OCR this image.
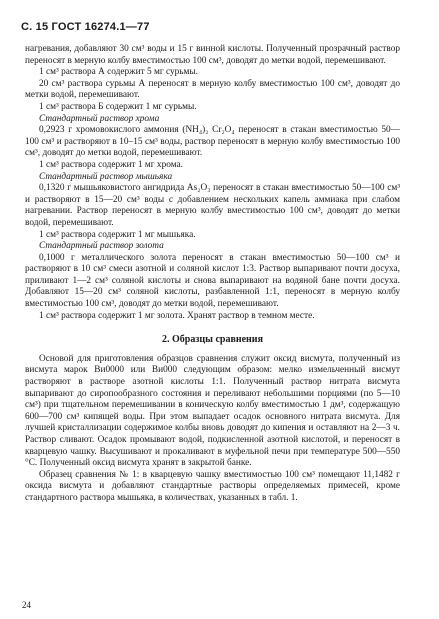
С. 15 ГОСТ 16274.1—77

нагревания, добавляют 30 см³ воды и 15 г винной кислоты. Полученный прозрачный раствор переносят в мерную колбу вместимостью 100 см³, доводят до метки водой, перемешивают.

1 см³ раствора А содержит 5 мг сурьмы.

20 см³ раствора сурьмы А переносят в мерную колбу вместимостью 100 см³, доводят до метки водой, перемешивают.

1 см³ раствора Б содержит 1 мг сурьмы.

Стандартный раствор хрома

0,2923 г хромовокислого аммония (NH₄)₂ Cr₂O₄ переносят в стакан вместимостью 50—100 см³ и растворяют в 10–15 см³ воды, раствор переносят в мерную колбу вместимостью 100 см³, доводят до метки водой, перемешивают.

1 см³ раствора содержит 1 мг хрома.

Стандартный раствор мышьяка

0,1320 г мышьяковистого ангидрида As₂O₃ переносят в стакан вместимостью 50—100 см³ и растворяют в 15—20 см³ воды с добавлением нескольких капель аммиака при слабом нагревании. Раствор переносят в мерную колбу вместимостью 100 см³, доводят до метки водой, перемешивают.

1 см³ раствора содержит 1 мг мышьяка.

Стандартный раствор золота

0,1000 г металлического золота переносят в стакан вместимостью 50—100 см³ и растворяют в 10 см³ смеси азотной и соляной кислот 1:3. Раствор выпаривают почти досуха, приливают 1—2 см³ соляной кислоты и снова выпаривают на водяной бане почти досуха. Добавляют 15—20 см³ соляной кислоты, разбавленной 1:1, переносят в мерную колбу вместимостью 100 см³, доводят до метки водой, перемешивают.

1 см³ раствора содержит 1 мг золота. Хранят раствор в темном месте.

2. Образцы сравнения

Основой для приготовления образцов сравнения служит оксид висмута, полученный из висмута марок Ви0000 или Ви000 следующим образом: мелко измельченный висмут растворяют в растворе азотной кислоты 1:1. Полученный раствор нитрата висмута выпаривают до сиропообразного состояния и переливают небольшими порциями (по 5—10 см³) при тщательном перемешивании в коническую колбу вместимостью 1 дм³, содержащую 600—700 см³ кипящей воды. При этом выпадает осадок основного нитрата висмута. Для лучшей кристаллизации содержимое колбы вновь доводят до кипения и оставляют на 2—3 ч. Раствор сливают. Осадок промывают водой, подкисленной азотной кислотой, и переносят в кварцевую чашку. Высушивают и прокаливают в муфельной печи при температуре 500—550 °С. Полученный оксид висмута хранят в закрытой банке.

Образец сравнения № 1: в кварцевую чашку вместимостью 100 см³ помещают 11,1482 г оксида висмута и добавляют стандартные растворы определяемых примесей, кроме стандартного раствора мышьяка, в количествах, указанных в табл. 1.

24
